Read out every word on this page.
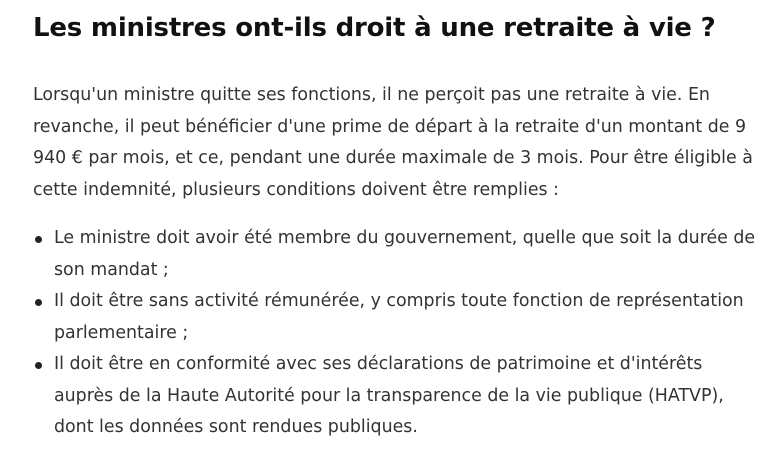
Les ministres ont-ils droit à une retraite à vie ?

Lorsqu'un ministre quitte ses fonctions, il ne perçoit pas une retraite à vie. En revanche, il peut bénéficier d'une prime de départ à la retraite d'un montant de 9 940 € par mois, et ce, pendant une durée maximale de 3 mois. Pour être éligible à cette indemnité, plusieurs conditions doivent être remplies :

Le ministre doit avoir été membre du gouvernement, quelle que soit la durée de son mandat ;
Il doit être sans activité rémunérée, y compris toute fonction de représentation parlementaire ;
Il doit être en conformité avec ses déclarations de patrimoine et d'intérêts auprès de la Haute Autorité pour la transparence de la vie publique (HATVP), dont les données sont rendues publiques.
